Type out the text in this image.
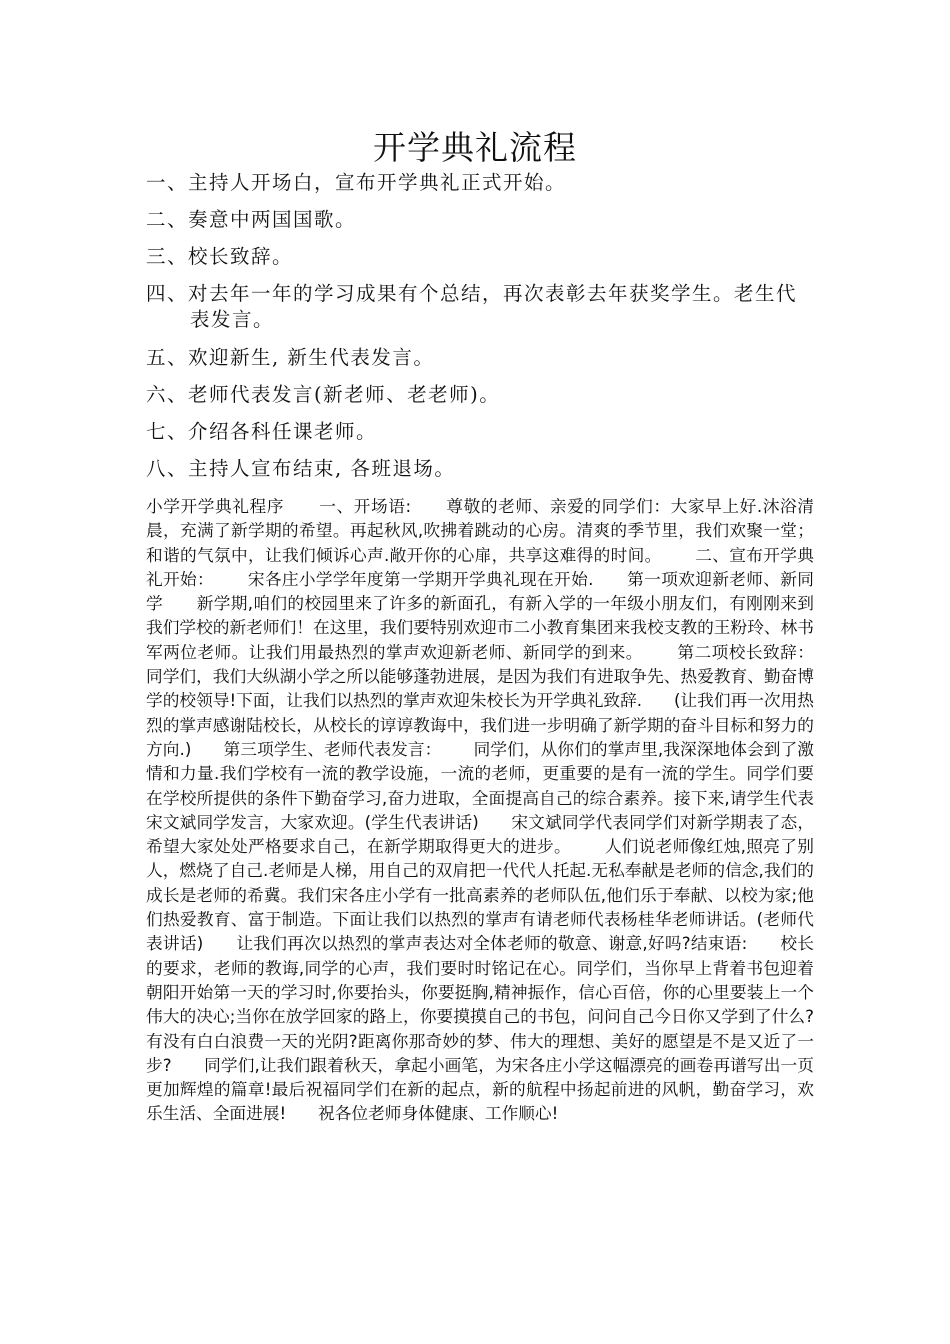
开学典礼流程
一、主持人开场白，宣布开学典礼正式开始。
二、奏意中两国国歌。
三、校长致辞。
四、对去年一年的学习成果有个总结，再次表彰去年获奖学生。老生代表发言。
五、欢迎新生, 新生代表发言。
六、老师代表发言(新老师、老老师)。
七、介绍各科任课老师。
八、主持人宣布结束, 各班退场。

小学开学典礼程序      一、开场语:      尊敬的老师、亲爱的同学们：大家早上好.沐浴清晨，充满了新学期的希望。再起秋风,吹拂着跳动的心房。清爽的季节里，我们欢聚一堂；和谐的气氛中，让我们倾诉心声.敞开你的心扉，共享这难得的时间。      二、宣布开学典礼开始：      宋各庄小学学年度第一学期开学典礼现在开始.      第一项欢迎新老师、新同学      新学期,咱们的校园里来了许多的新面孔，有新入学的一年级小朋友们，有刚刚来到我们学校的新老师们！在这里，我们要特别欢迎市二小教育集团来我校支教的王粉玲、林书军两位老师。让我们用最热烈的掌声欢迎新老师、新同学的到来。      第二项校长致辞：      同学们，我们大纵湖小学之所以能够蓬勃进展，是因为我们有进取争先、热爱教育、勤奋博学的校领导!下面，让我们以热烈的掌声欢迎朱校长为开学典礼致辞.      (让我们再一次用热烈的掌声感谢陆校长，从校长的谆谆教诲中，我们进一步明确了新学期的奋斗目标和努力的方向.)      第三项学生、老师代表发言：      同学们，从你们的掌声里,我深深地体会到了激情和力量.我们学校有一流的教学设施，一流的老师，更重要的是有一流的学生。同学们要在学校所提供的条件下勤奋学习,奋力进取，全面提高自己的综合素养。接下来,请学生代表宋文斌同学发言，大家欢迎。(学生代表讲话)      宋文斌同学代表同学们对新学期表了态，希望大家处处严格要求自己，在新学期取得更大的进步。      人们说老师像红烛,照亮了别人，燃烧了自己.老师是人梯，用自己的双肩把一代代人托起.无私奉献是老师的信念,我们的成长是老师的希冀。我们宋各庄小学有一批高素养的老师队伍,他们乐于奉献、以校为家;他们热爱教育、富于制造。下面让我们以热烈的掌声有请老师代表杨桂华老师讲话。(老师代表讲话)      让我们再次以热烈的掌声表达对全体老师的敬意、谢意,好吗?结束语:      校长的要求，老师的教诲,同学的心声，我们要时时铭记在心。同学们，当你早上背着书包迎着朝阳开始第一天的学习时,你要抬头，你要挺胸,精神振作，信心百倍，你的心里要装上一个伟大的决心;当你在放学回家的路上，你要摸摸自己的书包，问问自己今日你又学到了什么?有没有白白浪费一天的光阴?距离你那奇妙的梦、伟大的理想、美好的愿望是不是又近了一步?      同学们,让我们跟着秋天，拿起小画笔，为宋各庄小学这幅漂亮的画卷再谱写出一页更加辉煌的篇章!最后祝福同学们在新的起点，新的航程中扬起前进的风帆，勤奋学习，欢乐生活、全面进展!      祝各位老师身体健康、工作顺心!
